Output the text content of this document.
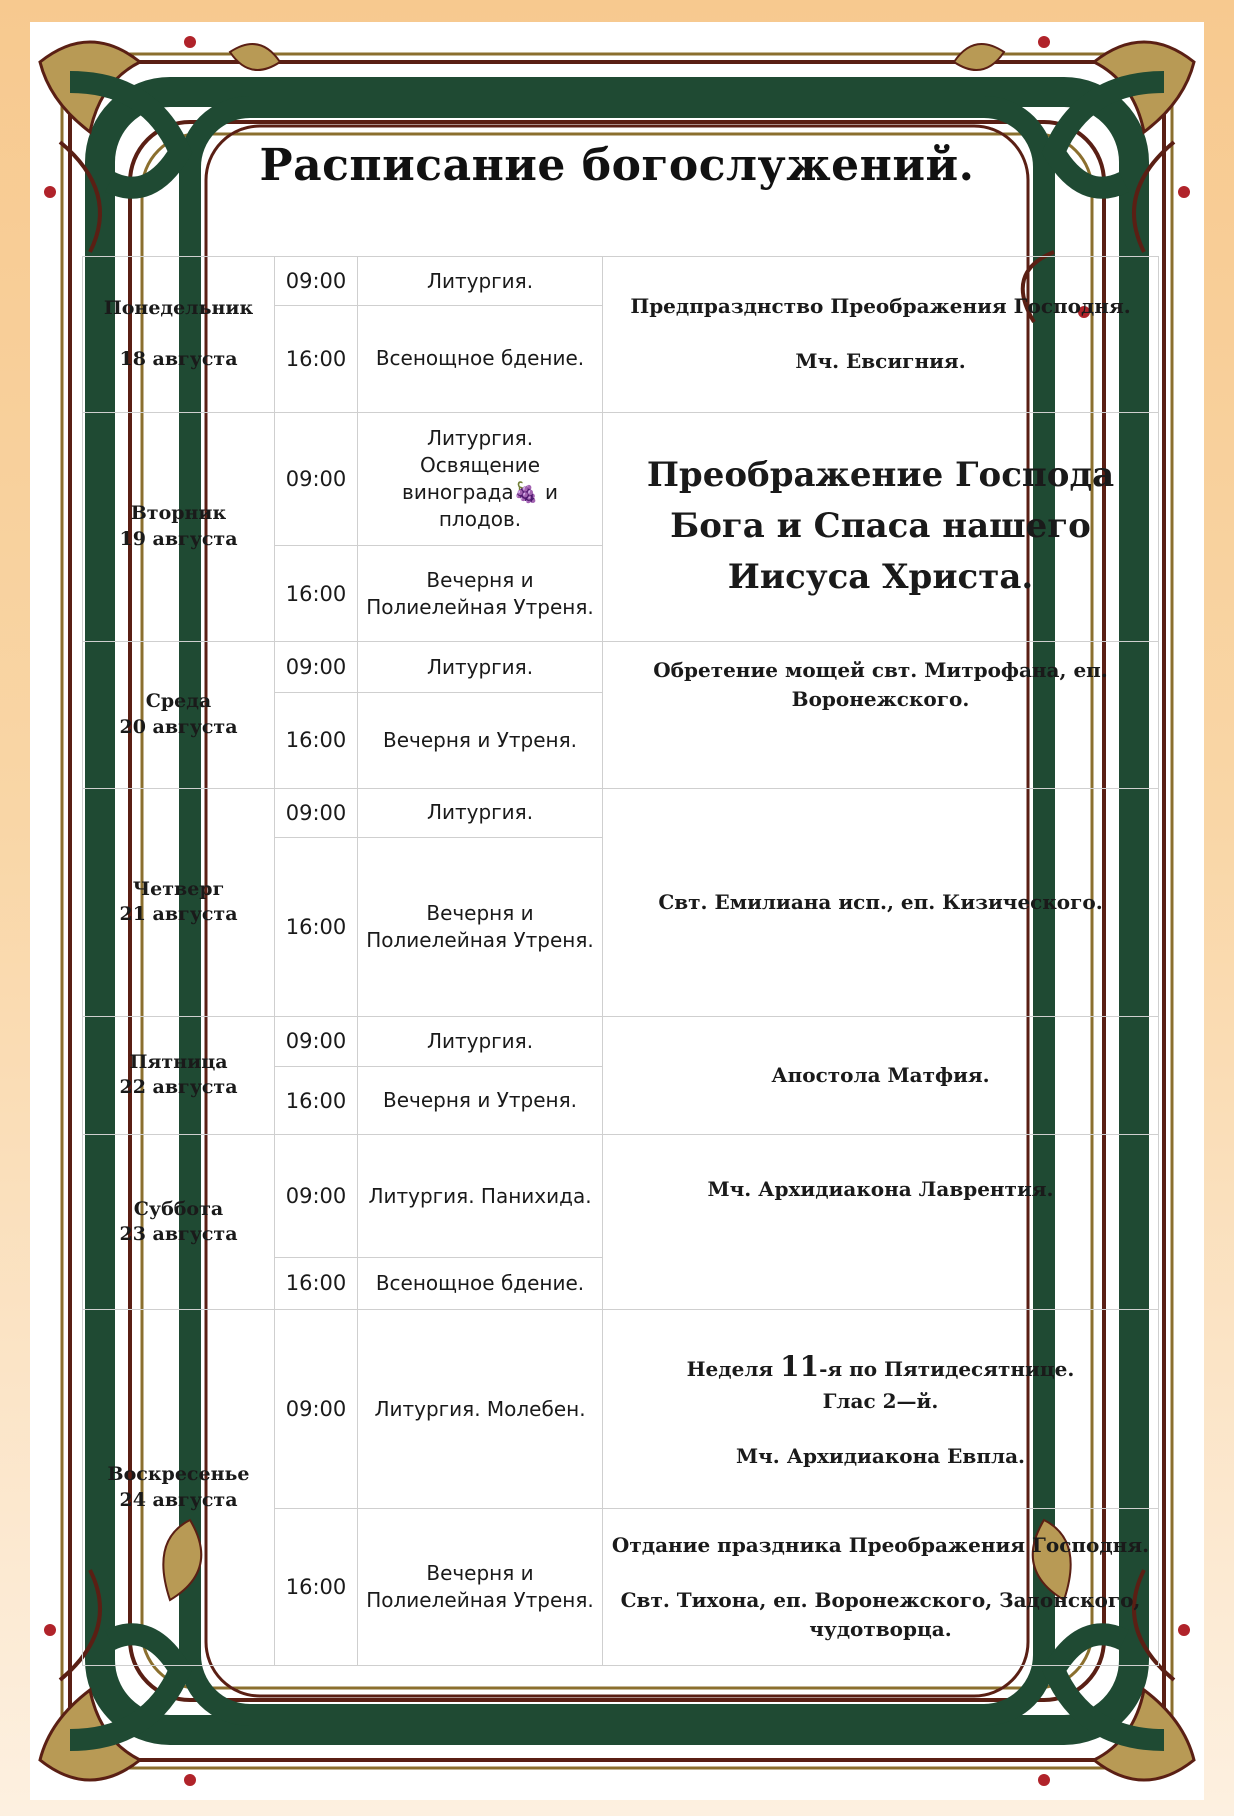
Расписание богослужений.
Понедельник
18 августа	09:00	Литургия.	Предпразднство Преображения Господня.
Мч. Евсигния.
	16:00	Всенощное бдение.	
Вторник
19 августа	09:00	Литургия. Освящение винограда🍇 и плодов.	Преображение Господа Бога и Спаса нашего Иисуса Христа.
	16:00	Вечерня и Полиелейная Утреня.	
Среда
20 августа	09:00	Литургия.	Обретение мощей свт. Митрофана, еп. Воронежского.
	16:00	Вечерня и Утреня.	
Четверг
21 августа	09:00	Литургия.	Свт. Емилиана исп., еп. Кизического.
	16:00	Вечерня и Полиелейная Утреня.	
Пятница
22 августа	09:00	Литургия.	Апостола Матфия.
	16:00	Вечерня и Утреня.	
Суббота
23 августа	09:00	Литургия. Панихида.	Мч. Архидиакона Лаврентия.
	16:00	Всенощное бдение.	
Воскресенье
24 августа	09:00	Литургия. Молебен.	Неделя 11-я по Пятидесятнице.
Глас 2—й.
Мч. Архидиакона Евпла.
	16:00	Вечерня и Полиелейная Утреня.	Отдание праздника Преображения Господня.
Свт. Тихона, еп. Воронежского, Задонского, чудотворца.
